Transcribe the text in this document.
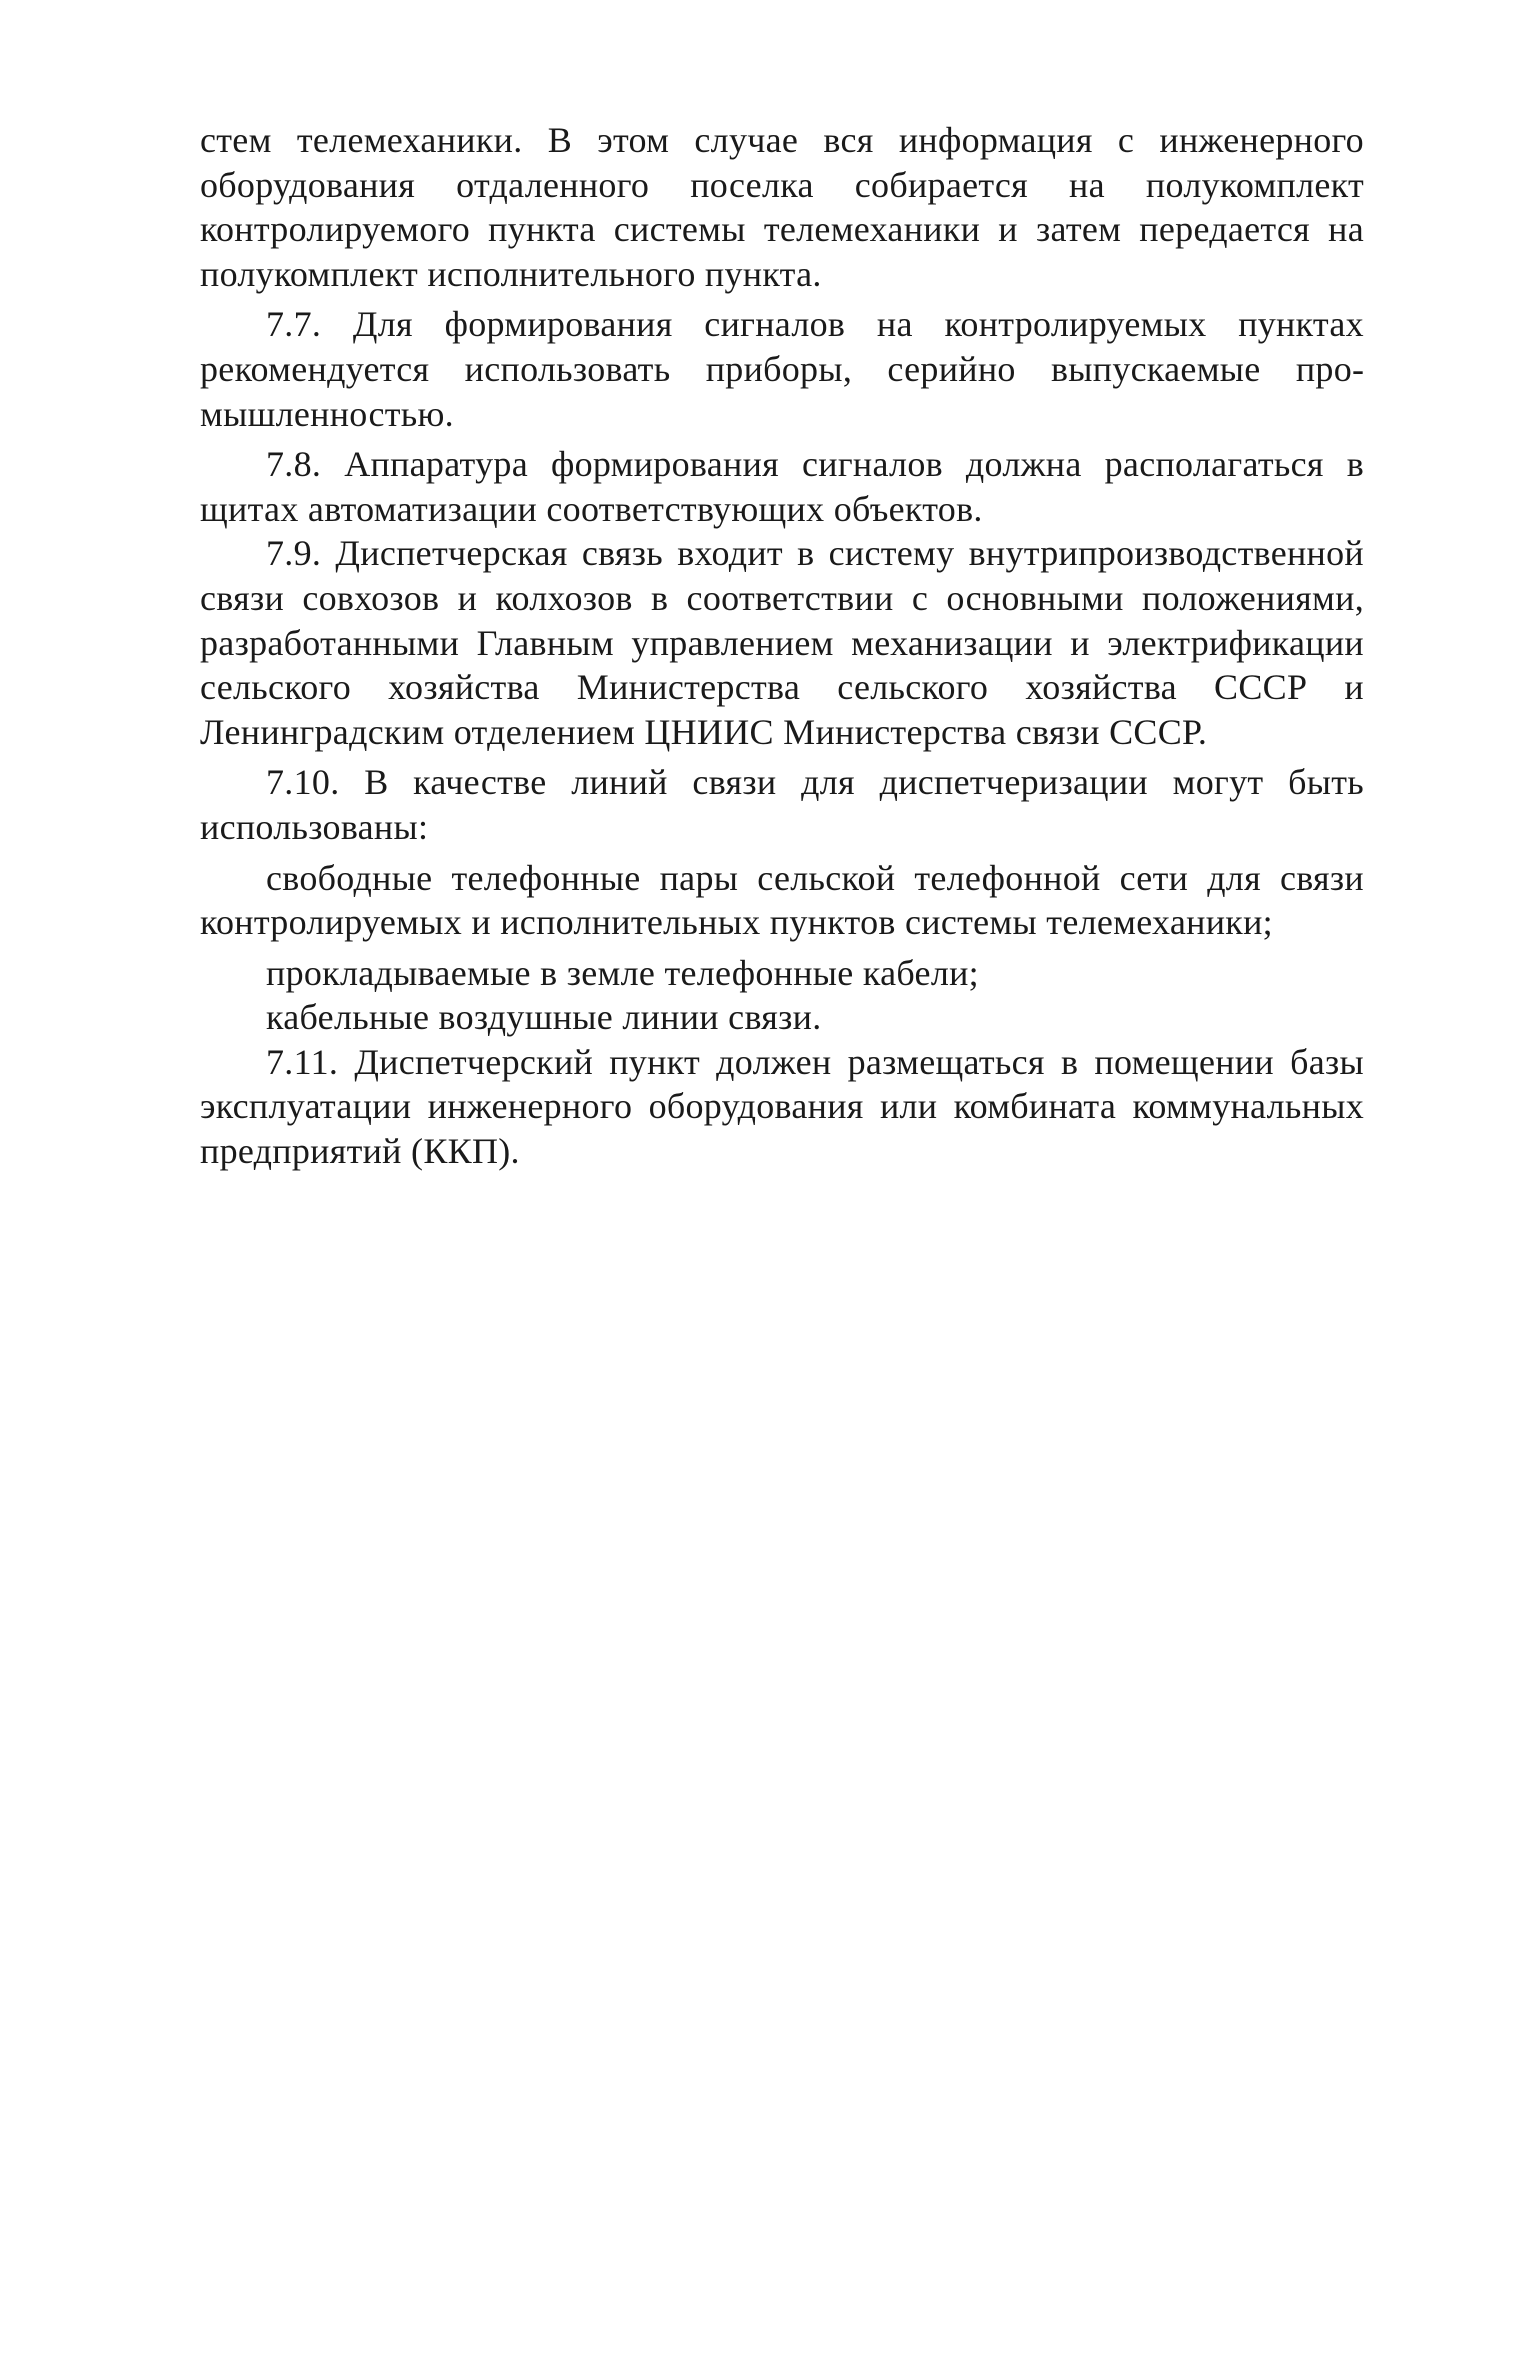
стем телемеханики. В этом случае вся информация с инженерного оборудования отдаленного поселка собирается на полукомплект контролируемого пункта системы телемеханики и затем передается на полукомплект исполнительного пункта.

7.7. Для формирования сигналов на контролируемых пунктах рекомендуется использовать приборы, серийно выпускаемые промышленностью.

7.8. Аппаратура формирования сигналов должна располагаться в щитах автоматизации соответствующих объектов.

7.9. Диспетчерская связь входит в систему внутрипроизводственной связи совхозов и колхозов в соответствии с основными положениями, разработанными Главным управлением механизации и электрификации сельского хозяйства Министерства сельского хозяйства СССР и Ленинградским отделением ЦНИИС Министерства связи СССР.

7.10. В качестве линий связи для диспетчеризации могут быть использованы:

свободные телефонные пары сельской телефонной сети для связи контролируемых и исполнительных пунктов системы телемеханики;

прокладываемые в земле телефонные кабели;

кабельные воздушные линии связи.

7.11. Диспетчерский пункт должен размещаться в помещении базы эксплуатации инженерного оборудования или комбината коммунальных предприятий (ККП).
